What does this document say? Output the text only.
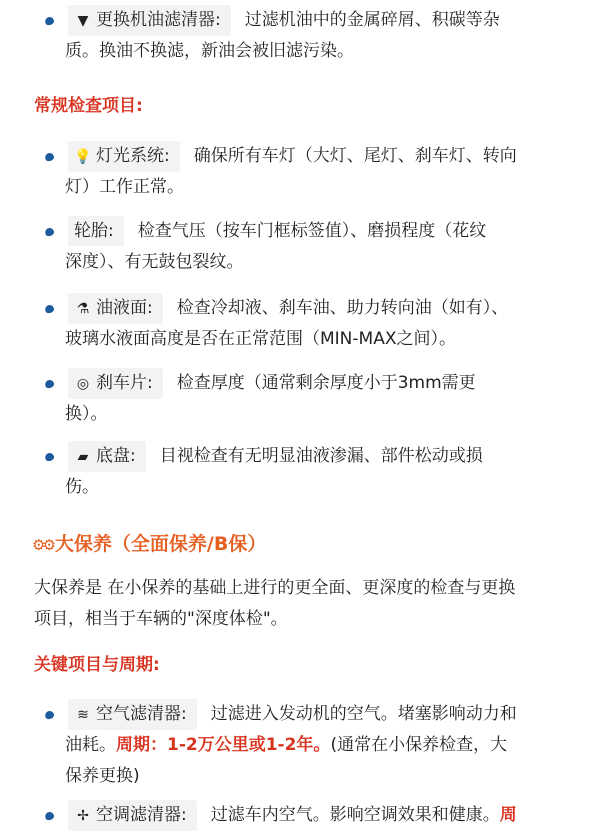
▼ 更换机油滤清器: 过滤机油中的金属碎屑、积碳等杂
质。换油不换滤，新油会被旧滤污染。
常规检查项目:
💡 灯光系统: 确保所有车灯（大灯、尾灯、刹车灯、转向
灯）工作正常。
轮胎: 检查气压（按车门框标签值）、磨损程度（花纹
深度）、有无鼓包裂纹。
⚗ 油液面: 检查冷却液、刹车油、助力转向油（如有）、
玻璃水液面高度是否在正常范围（MIN-MAX之间）。
◎ 刹车片: 检查厚度（通常剩余厚度小于3mm需更
换）。
▰ 底盘: 目视检查有无明显油液渗漏、部件松动或损
伤。
⚙⚙ 大保养（全面保养/B保）
大保养是 在小保养的基础上进行的更全面、更深度的检查与更换
项目，相当于车辆的"深度体检"。
关键项目与周期:
≋ 空气滤清器: 过滤进入发动机的空气。堵塞影响动力和
油耗。周期：1-2万公里或1-2年。(通常在小保养检查，大
保养更换)
✢ 空调滤清器: 过滤车内空气。影响空调效果和健康。周
